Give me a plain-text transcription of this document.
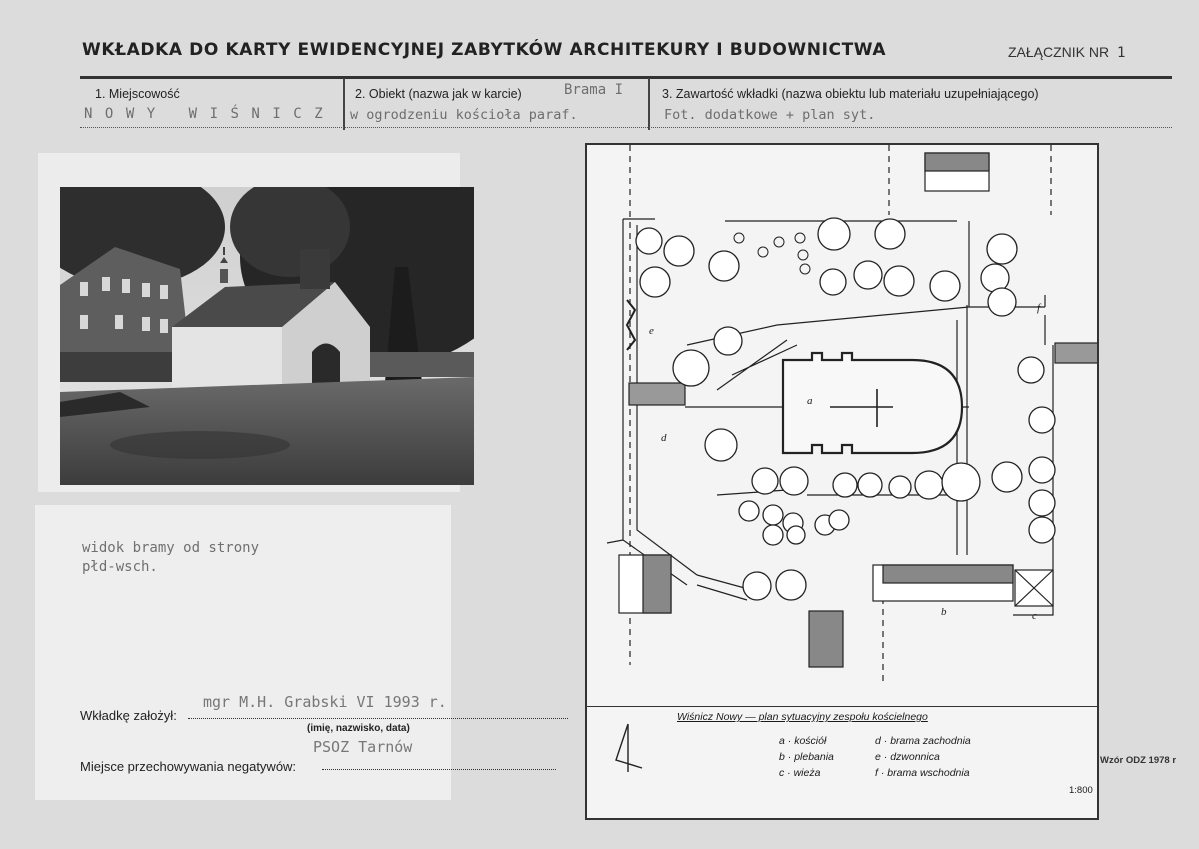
WKŁADKA DO KARTY EWIDENCYJNEJ ZABYTKÓW ARCHITEKURY I BUDOWNICTWA	ZAŁĄCZNIK NR 1
1. Miejscowość
NOWY WIŚNICZ
2. Obiekt (nazwa jak w karcie)	Brama I
w ogrodzeniu kościoła paraf.
3. Zawartość wkładki (nazwa obiektu lub materiału uzupełniającego)
Fot. dodatkowe + plan syt.
widok bramy od strony
płd-wsch.
Wkładkę założył:
mgr M.H. Grabski VI 1993 r.
(imię, nazwisko, data)
Miejsce przechowywania negatywów:
PSOZ Tarnów
Wzór ODZ 1978 r
a
b	c
d
e
f
Wiśnicz Nowy — plan sytuacyjny zespołu kościelnego
a · kościół
b · plebania
c · wieża
d · brama zachodnia
e · dzwonnica
f · brama wschodnia
1:800
